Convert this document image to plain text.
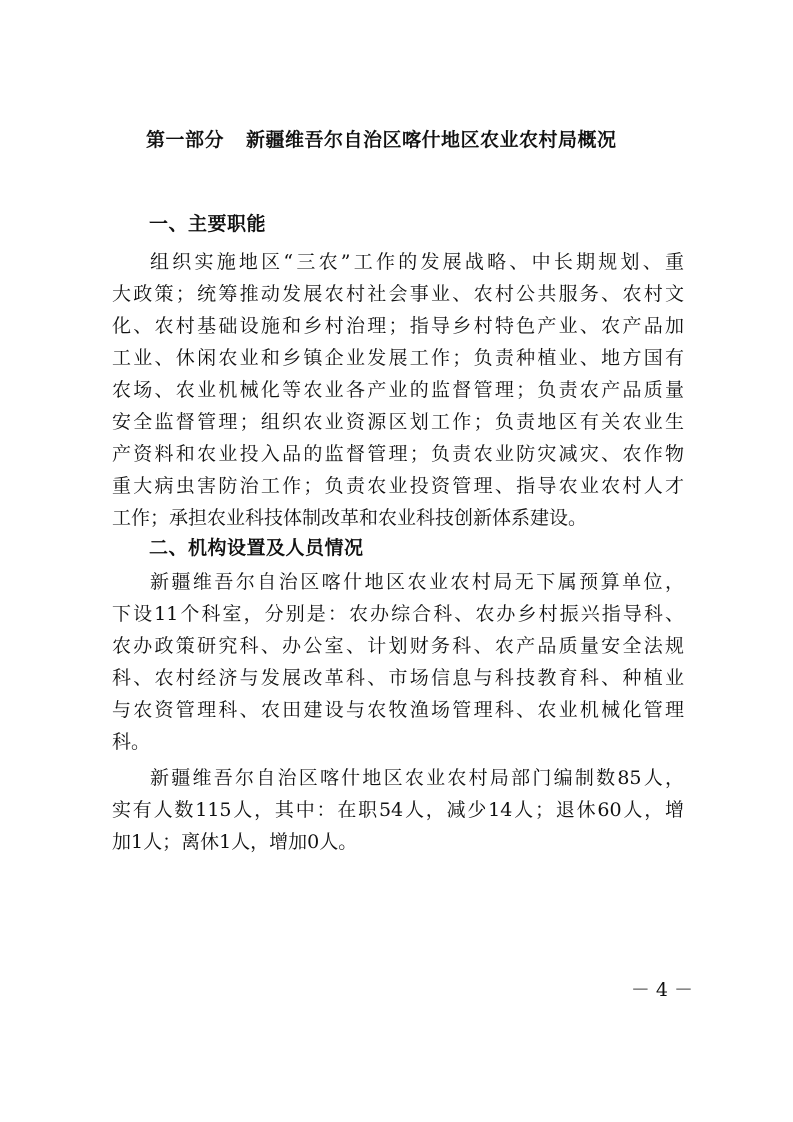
第一部分 新疆维吾尔自治区喀什地区农业农村局概况
一、主要职能
组织实施地区“三农”工作的发展战略、中长期规划、重
大政策；统筹推动发展农村社会事业、农村公共服务、农村文
化、农村基础设施和乡村治理；指导乡村特色产业、农产品加
工业、休闲农业和乡镇企业发展工作；负责种植业、地方国有
农场、农业机械化等农业各产业的监督管理；负责农产品质量
安全监督管理；组织农业资源区划工作；负责地区有关农业生
产资料和农业投入品的监督管理；负责农业防灾减灾、农作物
重大病虫害防治工作；负责农业投资管理、指导农业农村人才
工作；承担农业科技体制改革和农业科技创新体系建设。
二、机构设置及人员情况
新疆维吾尔自治区喀什地区农业农村局无下属预算单位，
下设11个科室，分别是：农办综合科、农办乡村振兴指导科、
农办政策研究科、办公室、计划财务科、农产品质量安全法规
科、农村经济与发展改革科、市场信息与科技教育科、种植业
与农资管理科、农田建设与农牧渔场管理科、农业机械化管理
科。
新疆维吾尔自治区喀什地区农业农村局部门编制数85人，
实有人数115人，其中：在职54人，减少14人；退休60人，增
加1人；离休1人，增加0人。
－ 4 －
